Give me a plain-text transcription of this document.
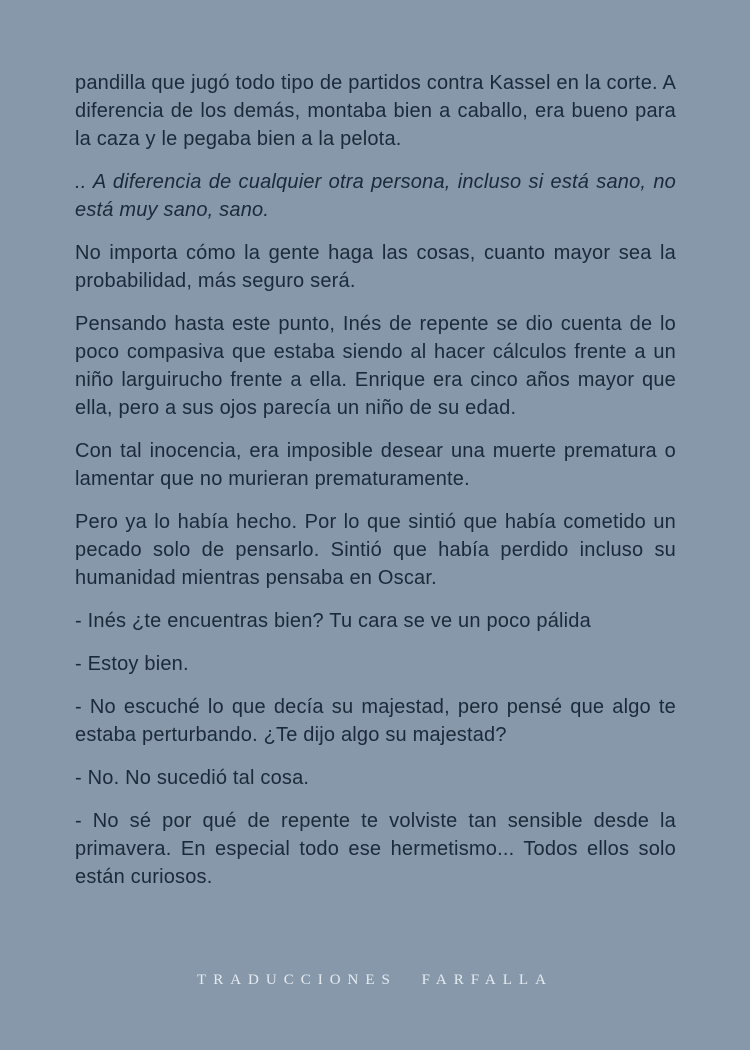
pandilla que jugó todo tipo de partidos contra Kassel en la corte. A diferencia de los demás, montaba bien a caballo, era bueno para la caza y le pegaba bien a la pelota.

.. A diferencia de cualquier otra persona, incluso si está sano, no está muy sano, sano.

No importa cómo la gente haga las cosas, cuanto mayor sea la probabilidad, más seguro será.

Pensando hasta este punto, Inés de repente se dio cuenta de lo poco compasiva que estaba siendo al hacer cálculos frente a un niño larguirucho frente a ella. Enrique era cinco años mayor que ella, pero a sus ojos parecía un niño de su edad.

Con tal inocencia, era imposible desear una muerte prematura o lamentar que no murieran prematuramente.

Pero ya lo había hecho. Por lo que sintió que había cometido un pecado solo de pensarlo. Sintió que había perdido incluso su humanidad mientras pensaba en Oscar.

- Inés ¿te encuentras bien? Tu cara se ve un poco pálida

- Estoy bien.

- No escuché lo que decía su majestad, pero pensé que algo te estaba perturbando. ¿Te dijo algo su majestad?

- No. No sucedió tal cosa.

- No sé por qué de repente te volviste tan sensible desde la primavera. En especial todo ese hermetismo... Todos ellos solo están curiosos.

TRADUCCIONES FARFALLA
